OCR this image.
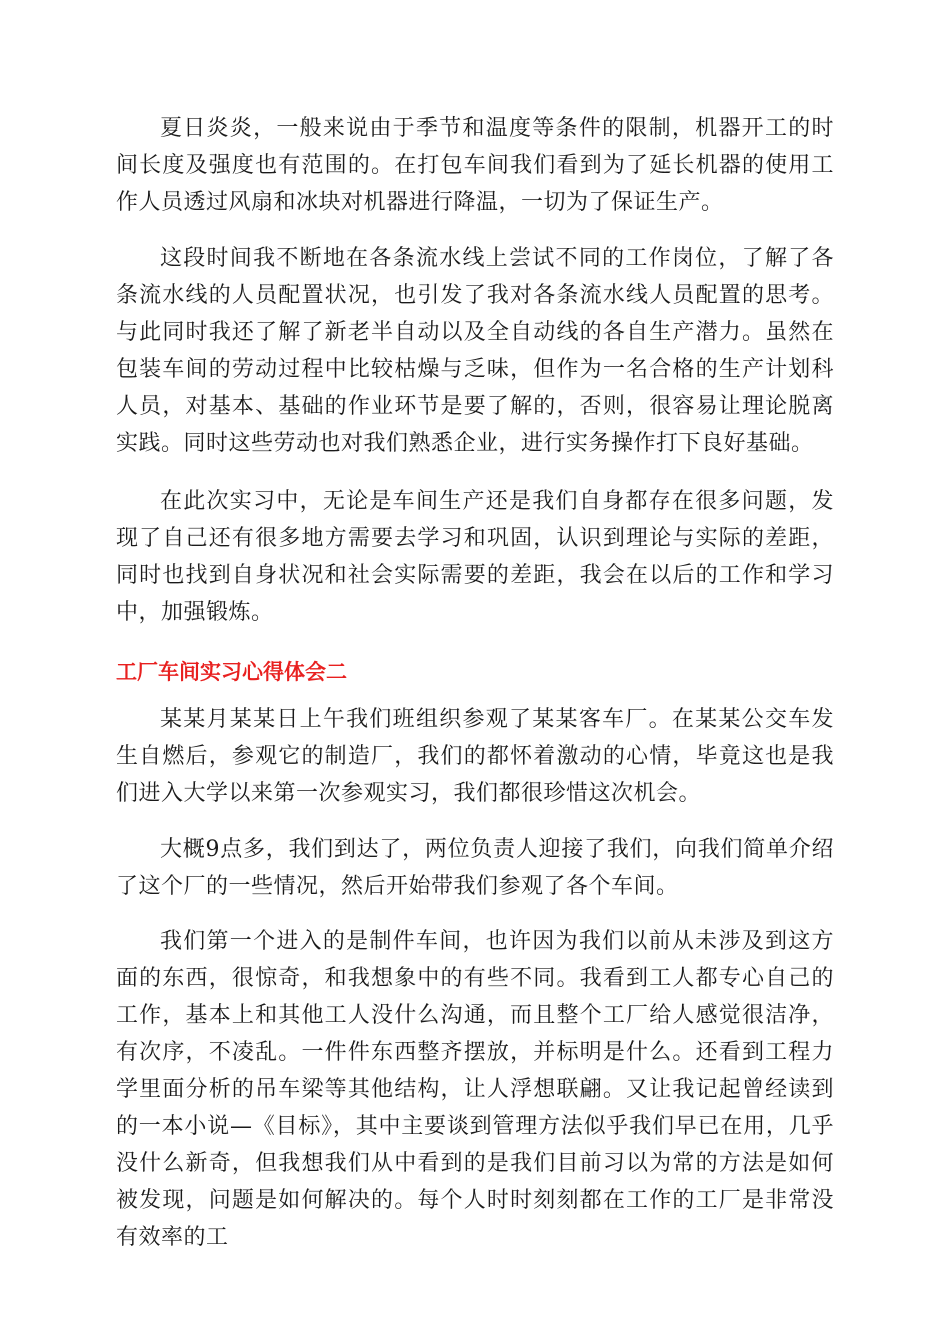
夏日炎炎，一般来说由于季节和温度等条件的限制，机器开工的时间长度及强度也有范围的。在打包车间我们看到为了延长机器的使用工作人员透过风扇和冰块对机器进行降温，一切为了保证生产。

这段时间我不断地在各条流水线上尝试不同的工作岗位，了解了各条流水线的人员配置状况，也引发了我对各条流水线人员配置的思考。与此同时我还了解了新老半自动以及全自动线的各自生产潜力。虽然在包装车间的劳动过程中比较枯燥与乏味，但作为一名合格的生产计划科人员，对基本、基础的作业环节是要了解的，否则，很容易让理论脱离实践。同时这些劳动也对我们熟悉企业，进行实务操作打下良好基础。

在此次实习中，无论是车间生产还是我们自身都存在很多问题，发现了自己还有很多地方需要去学习和巩固，认识到理论与实际的差距，同时也找到自身状况和社会实际需要的差距，我会在以后的工作和学习中，加强锻炼。

工厂车间实习心得体会二

某某月某某日上午我们班组织参观了某某客车厂。在某某公交车发生自燃后，参观它的制造厂，我们的都怀着激动的心情，毕竟这也是我们进入大学以来第一次参观实习，我们都很珍惜这次机会。

大概9点多，我们到达了，两位负责人迎接了我们，向我们简单介绍了这个厂的一些情况，然后开始带我们参观了各个车间。

我们第一个进入的是制件车间，也许因为我们以前从未涉及到这方面的东西，很惊奇，和我想象中的有些不同。我看到工人都专心自己的工作，基本上和其他工人没什么沟通，而且整个工厂给人感觉很洁净，有次序，不凌乱。一件件东西整齐摆放，并标明是什么。还看到工程力学里面分析的吊车梁等其他结构，让人浮想联翩。又让我记起曾经读到的一本小说—《目标》，其中主要谈到管理方法似乎我们早已在用，几乎没什么新奇，但我想我们从中看到的是我们目前习以为常的方法是如何被发现，问题是如何解决的。每个人时时刻刻都在工作的工厂是非常没有效率的工
